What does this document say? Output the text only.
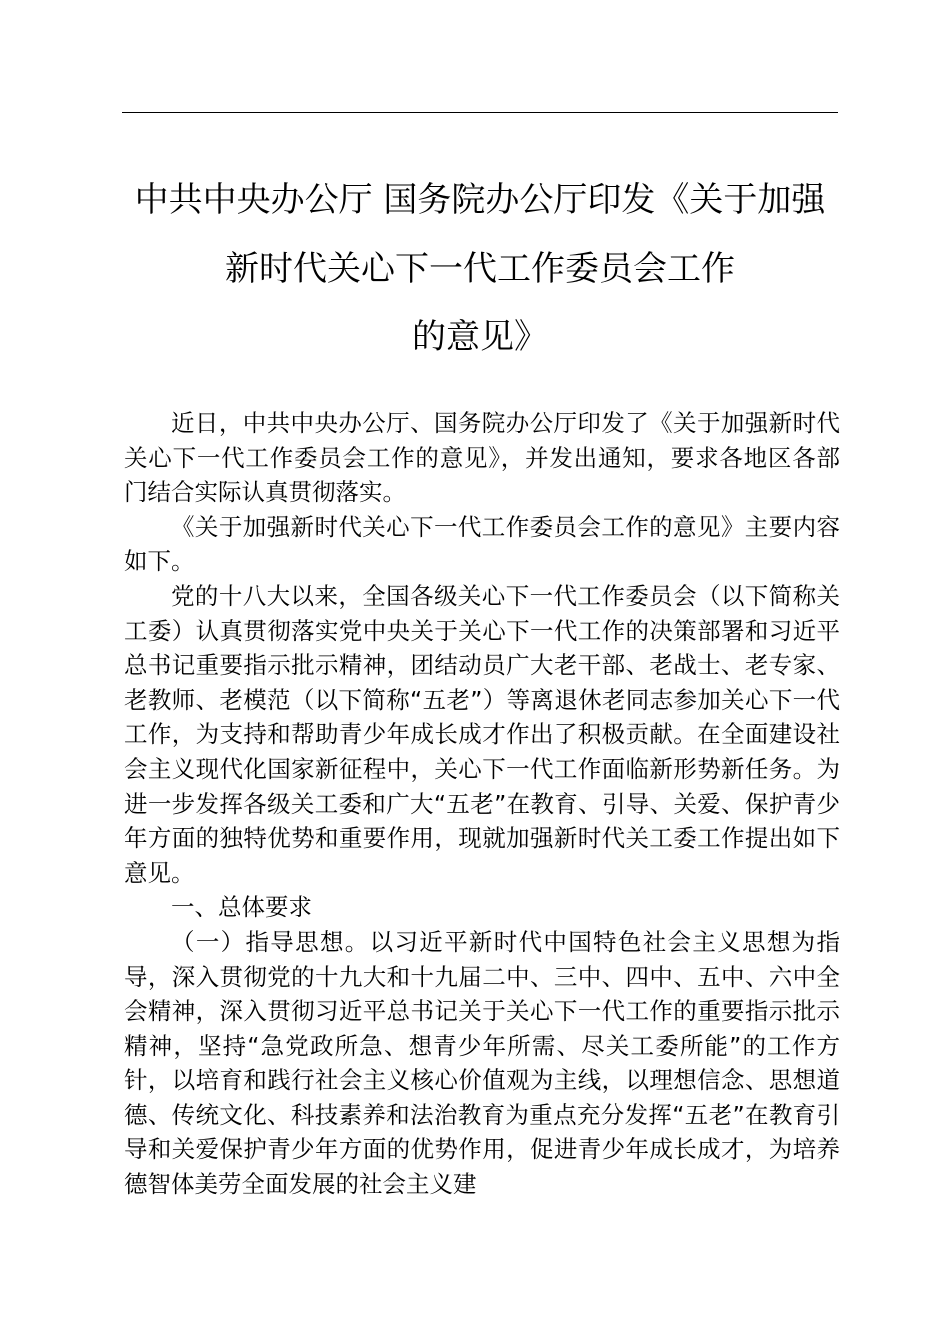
中共中央办公厅 国务院办公厅印发《关于加强
新时代关心下一代工作委员会工作
的意见》

近日，中共中央办公厅、国务院办公厅印发了《关于加强新时代关心下一代工作委员会工作的意见》，并发出通知，要求各地区各部门结合实际认真贯彻落实。

《关于加强新时代关心下一代工作委员会工作的意见》主要内容如下。

党的十八大以来，全国各级关心下一代工作委员会（以下简称关工委）认真贯彻落实党中央关于关心下一代工作的决策部署和习近平总书记重要指示批示精神，团结动员广大老干部、老战士、老专家、老教师、老模范（以下简称“五老”）等离退休老同志参加关心下一代工作，为支持和帮助青少年成长成才作出了积极贡献。在全面建设社会主义现代化国家新征程中，关心下一代工作面临新形势新任务。为进一步发挥各级关工委和广大“五老”在教育、引导、关爱、保护青少年方面的独特优势和重要作用，现就加强新时代关工委工作提出如下意见。

一、总体要求

（一）指导思想。以习近平新时代中国特色社会主义思想为指导，深入贯彻党的十九大和十九届二中、三中、四中、五中、六中全会精神，深入贯彻习近平总书记关于关心下一代工作的重要指示批示精神，坚持“急党政所急、想青少年所需、尽关工委所能”的工作方针，以培育和践行社会主义核心价值观为主线，以理想信念、思想道德、传统文化、科技素养和法治教育为重点充分发挥“五老”在教育引导和关爱保护青少年方面的优势作用，促进青少年成长成才，为培养德智体美劳全面发展的社会主义建
